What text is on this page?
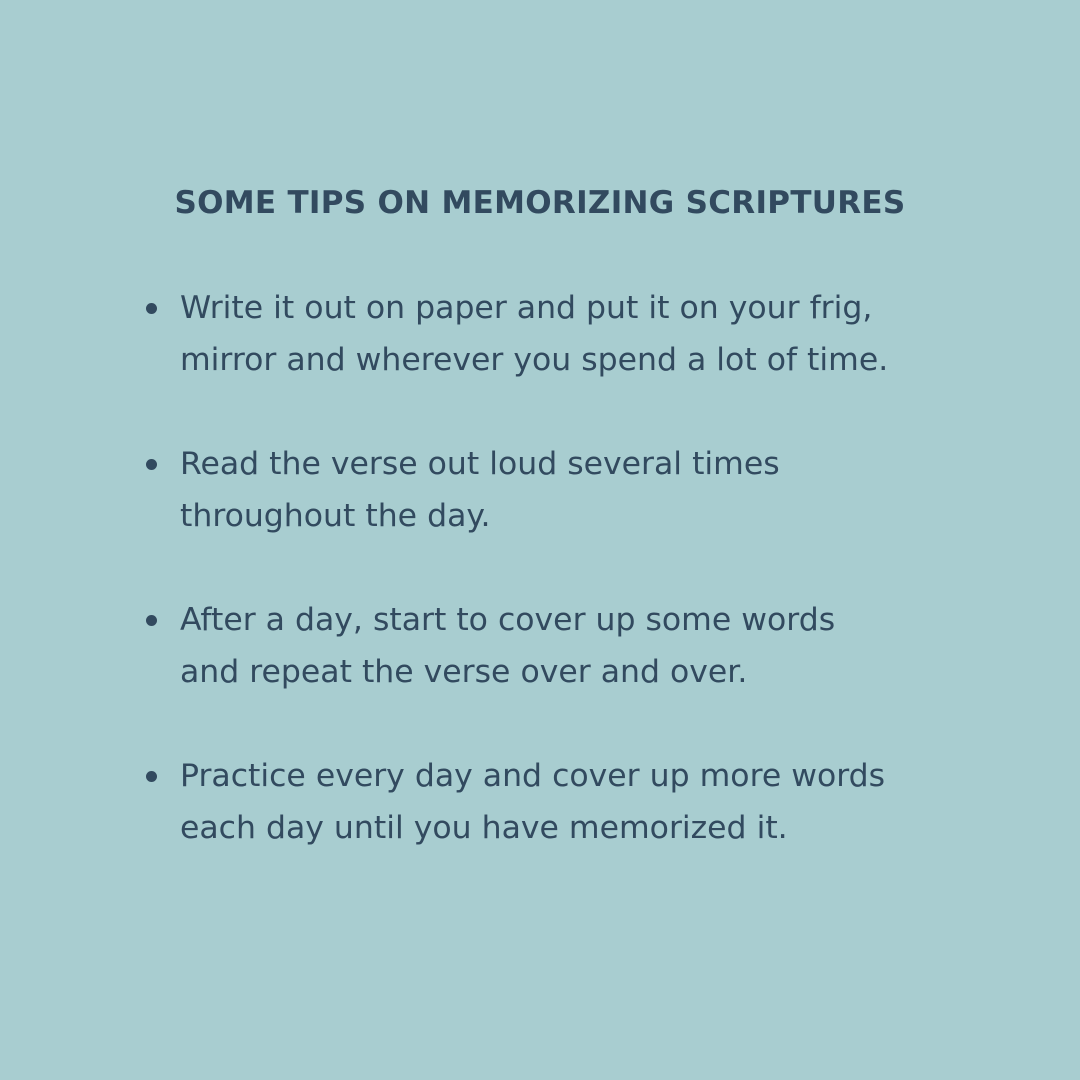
SOME TIPS ON MEMORIZING SCRIPTURES
Write it out on paper and put it on your frig,
mirror and wherever you spend a lot of time.
Read the verse out loud several times
throughout the day.
After a day, start to cover up some words
and repeat the verse over and over.
Practice every day and cover up more words
each day until you have memorized it.
